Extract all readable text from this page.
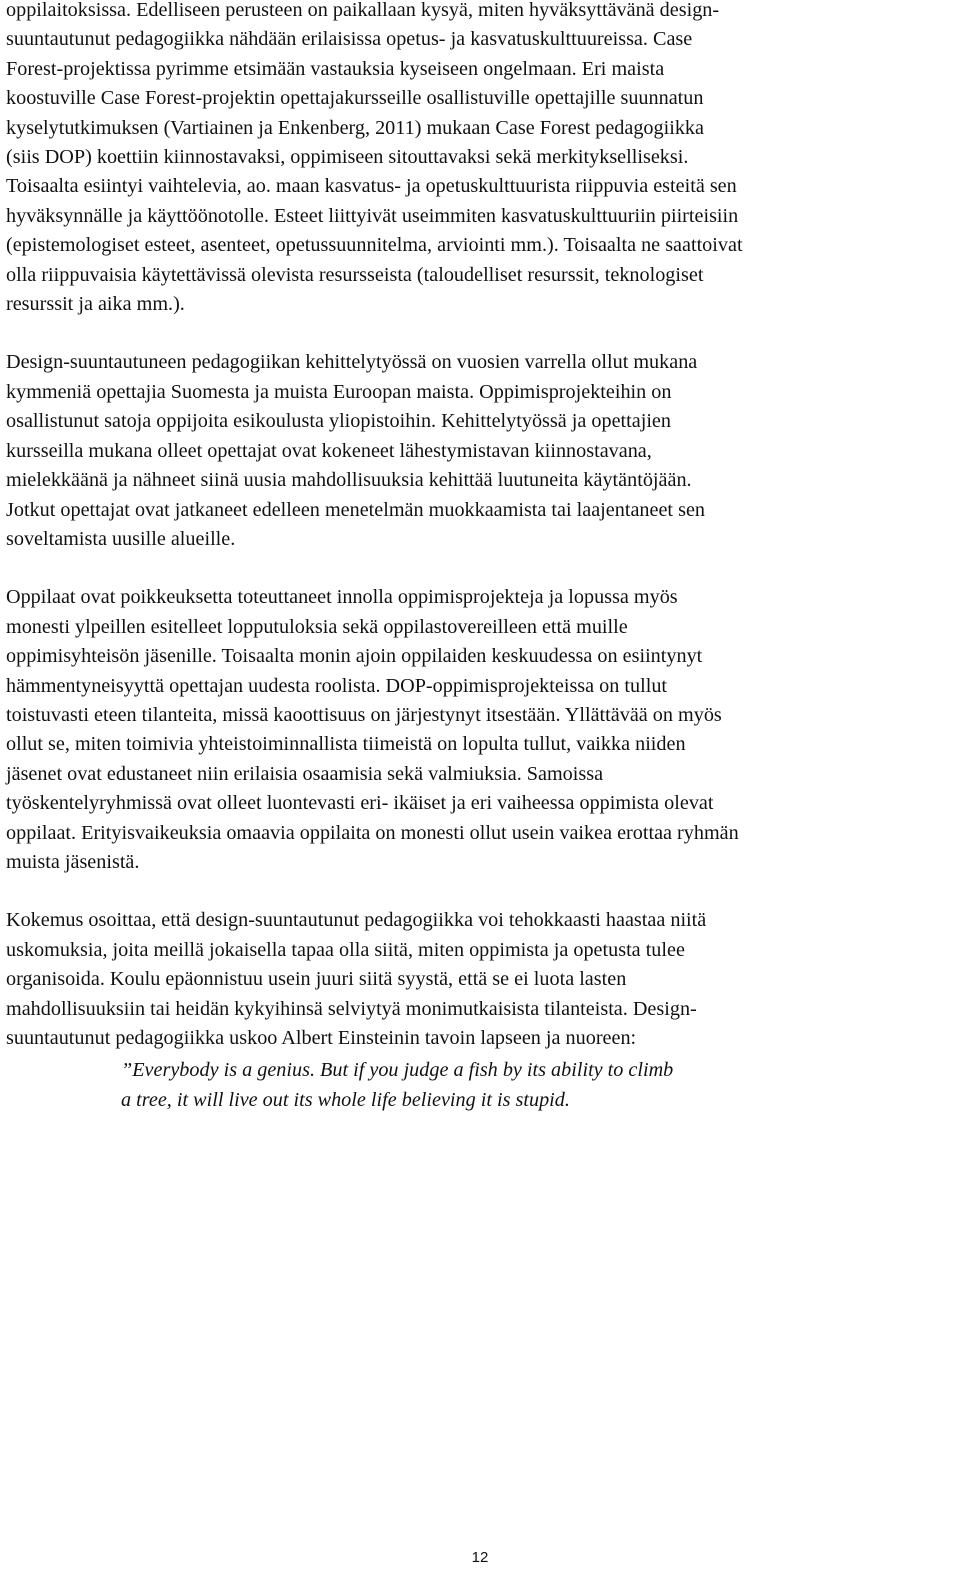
oppilaitoksissa. Edelliseen perusteen on paikallaan kysyä, miten hyväksyttävänä design-
suuntautunut pedagogiikka nähdään erilaisissa opetus- ja kasvatuskulttuureissa. Case
Forest-projektissa pyrimme etsimään vastauksia kyseiseen ongelmaan. Eri maista
koostuville Case Forest-projektin opettajakursseille osallistuville opettajille suunnatun
kyselytutkimuksen (Vartiainen ja Enkenberg, 2011) mukaan Case Forest pedagogiikka
(siis DOP) koettiin kiinnostavaksi, oppimiseen sitouttavaksi sekä merkitykselliseksi.
Toisaalta esiintyi vaihtelevia, ao. maan kasvatus- ja opetuskulttuurista riippuvia esteitä sen
hyväksynnälle ja käyttöönotolle. Esteet liittyivät useimmiten kasvatuskulttuuriin piirteisiin
(epistemologiset esteet, asenteet, opetussuunnitelma, arviointi mm.). Toisaalta ne saattoivat
olla riippuvaisia käytettävissä olevista resursseista (taloudelliset resurssit, teknologiset
resurssit ja aika mm.).

Design-suuntautuneen pedagogiikan kehittelytyössä on vuosien varrella ollut mukana
kymmeniä opettajia Suomesta ja muista Euroopan maista. Oppimisprojekteihin on
osallistunut satoja oppijoita esikoulusta yliopistoihin. Kehittelytyössä ja opettajien
kursseilla mukana olleet opettajat ovat kokeneet lähestymistavan kiinnostavana,
mielekkäänä ja nähneet siinä uusia mahdollisuuksia kehittää luutuneita käytäntöjään.
Jotkut opettajat ovat jatkaneet edelleen menetelmän muokkaamista tai laajentaneet sen
soveltamista uusille alueille.

Oppilaat ovat poikkeuksetta toteuttaneet innolla oppimisprojekteja ja lopussa myös
monesti ylpeillen esitelleet lopputuloksia sekä oppilastovereilleen että muille
oppimisyhteisön jäsenille. Toisaalta monin ajoin oppilaiden keskuudessa on esiintynyt
hämmentyneisyyttä opettajan uudesta roolista. DOP-oppimisprojekteissa on tullut
toistuvasti eteen tilanteita, missä kaoottisuus on järjestynyt itsestään. Yllättävää on myös
ollut se, miten toimivia yhteistoiminnallista tiimeistä on lopulta tullut, vaikka niiden
jäsenet ovat edustaneet niin erilaisia osaamisia sekä valmiuksia. Samoissa
työskentelyryhmissä ovat olleet luontevasti eri- ikäiset ja eri vaiheessa oppimista olevat
oppilaat. Erityisvaikeuksia omaavia oppilaita on monesti ollut usein vaikea erottaa ryhmän
muista jäsenistä.

Kokemus osoittaa, että design-suuntautunut pedagogiikka voi tehokkaasti haastaa niitä
uskomuksia, joita meillä jokaisella tapaa olla siitä, miten oppimista ja opetusta tulee
organisoida. Koulu epäonnistuu usein juuri siitä syystä, että se ei luota lasten
mahdollisuuksiin tai heidän kykyihinsä selviytyä monimutkaisista tilanteista. Design-
suuntautunut pedagogiikka uskoo Albert Einsteinin tavoin lapseen ja nuoreen:

”Everybody is a genius. But if you judge a fish by its ability to climb
a tree, it will live out its whole life believing it is stupid.

12
